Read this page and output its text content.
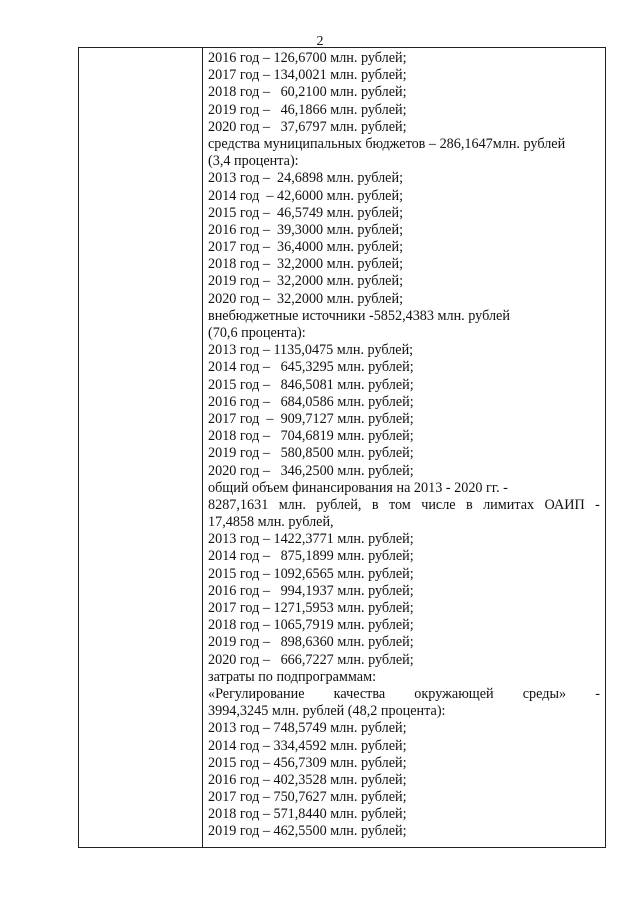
2
2016 год – 126,6700 млн. рублей;
2017 год – 134,0021 млн. рублей;
2018 год –   60,2100 млн. рублей;
2019 год –   46,1866 млн. рублей;
2020 год –   37,6797 млн. рублей;
средства муниципальных бюджетов – 286,1647млн. рублей
(3,4 процента):
2013 год –  24,6898 млн. рублей;
2014 год  – 42,6000 млн. рублей;
2015 год –  46,5749 млн. рублей;
2016 год –  39,3000 млн. рублей;
2017 год –  36,4000 млн. рублей;
2018 год –  32,2000 млн. рублей;
2019 год –  32,2000 млн. рублей;
2020 год –  32,2000 млн. рублей;
внебюджетные источники -5852,4383 млн. рублей
(70,6 процента):
2013 год – 1135,0475 млн. рублей;
2014 год –   645,3295 млн. рублей;
2015 год –   846,5081 млн. рублей;
2016 год –   684,0586 млн. рублей;
2017 год  –  909,7127 млн. рублей;
2018 год –   704,6819 млн. рублей;
2019 год –   580,8500 млн. рублей;
2020 год –   346,2500 млн. рублей;
общий объем финансирования на 2013 - 2020 гг. -
8287,1631 млн. рублей, в том числе в лимитах ОАИП -
17,4858 млн. рублей,
2013 год – 1422,3771 млн. рублей;
2014 год –   875,1899 млн. рублей;
2015 год – 1092,6565 млн. рублей;
2016 год –   994,1937 млн. рублей;
2017 год – 1271,5953 млн. рублей;
2018 год – 1065,7919 млн. рублей;
2019 год –   898,6360 млн. рублей;
2020 год –   666,7227 млн. рублей;
затраты по подпрограммам:
«Регулирование качества окружающей среды» -
3994,3245 млн. рублей (48,2 процента):
2013 год – 748,5749 млн. рублей;
2014 год – 334,4592 млн. рублей;
2015 год – 456,7309 млн. рублей;
2016 год – 402,3528 млн. рублей;
2017 год – 750,7627 млн. рублей;
2018 год – 571,8440 млн. рублей;
2019 год – 462,5500 млн. рублей;
